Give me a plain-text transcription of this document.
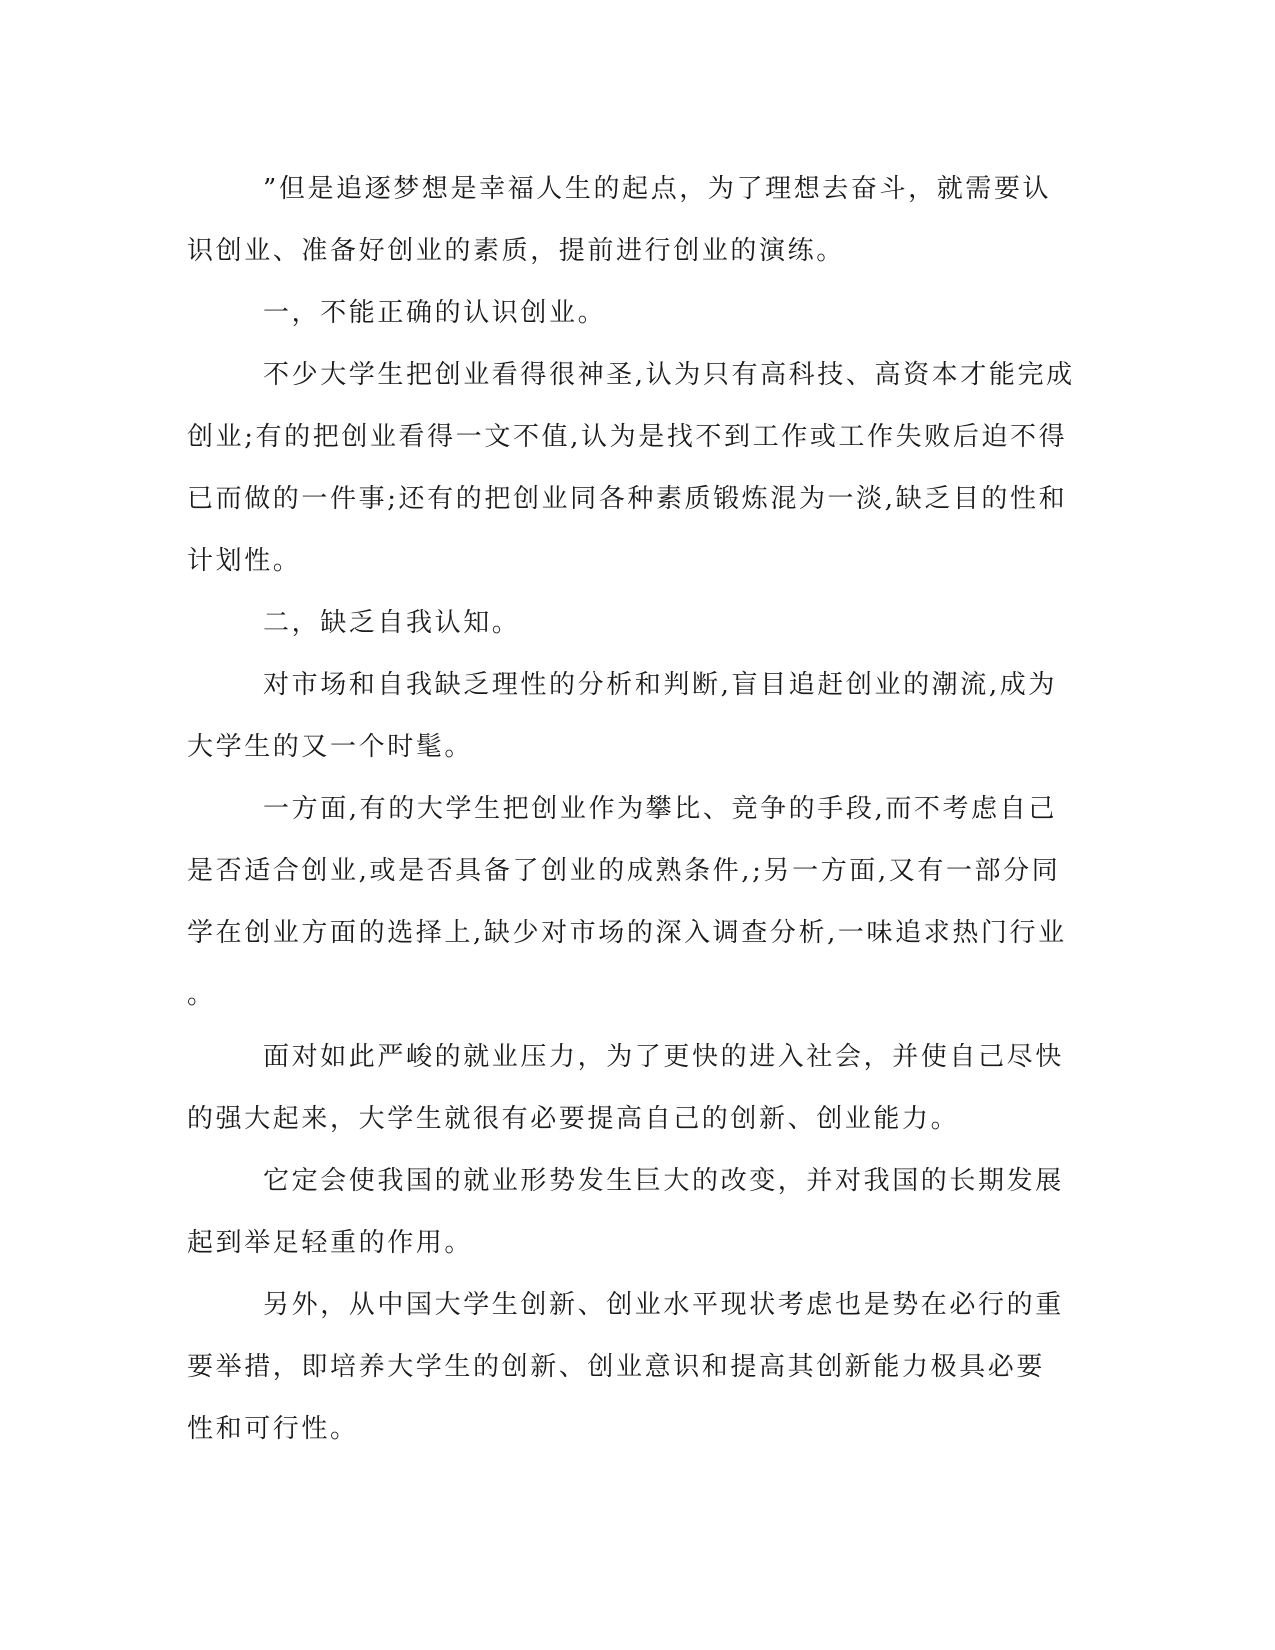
”但是追逐梦想是幸福人生的起点，为了理想去奋斗，就需要认
识创业、准备好创业的素质，提前进行创业的演练。

一，不能正确的认识创业。

不少大学生把创业看得很神圣,认为只有高科技、高资本才能完成
创业;有的把创业看得一文不值,认为是找不到工作或工作失败后迫不得
已而做的一件事;还有的把创业同各种素质锻炼混为一淡,缺乏目的性和
计划性。

二，缺乏自我认知。

对市场和自我缺乏理性的分析和判断,盲目追赶创业的潮流,成为
大学生的又一个时髦。

一方面,有的大学生把创业作为攀比、竞争的手段,而不考虑自己
是否适合创业,或是否具备了创业的成熟条件,;另一方面,又有一部分同
学在创业方面的选择上,缺少对市场的深入调查分析,一味追求热门行业
。

面对如此严峻的就业压力，为了更快的进入社会，并使自己尽快
的强大起来，大学生就很有必要提高自己的创新、创业能力。

它定会使我国的就业形势发生巨大的改变，并对我国的长期发展
起到举足轻重的作用。

另外，从中国大学生创新、创业水平现状考虑也是势在必行的重
要举措，即培养大学生的创新、创业意识和提高其创新能力极具必要
性和可行性。
